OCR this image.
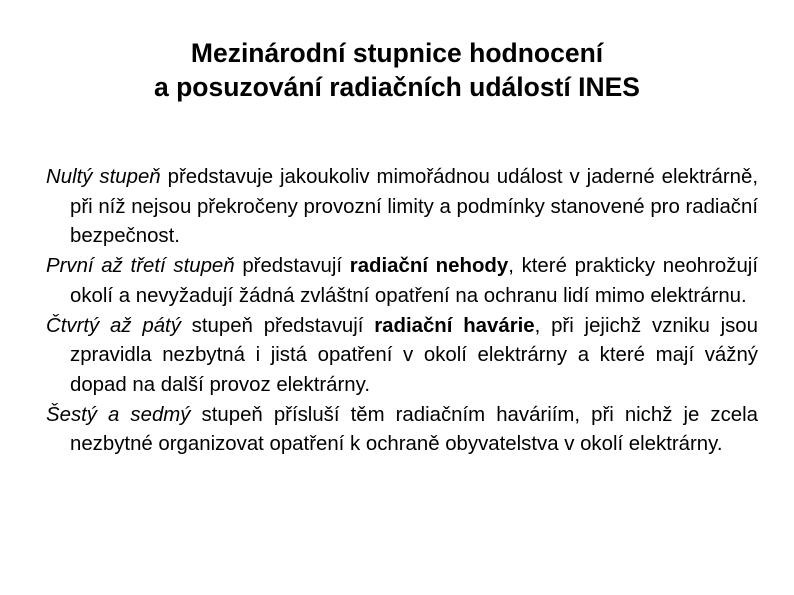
Mezinárodní stupnice hodnocení
a posuzování radiačních událostí INES

Nultý stupeň představuje jakoukoliv mimořádnou událost v jaderné elektrárně, při níž nejsou překročeny provozní limity a podmínky stanovené pro radiační bezpečnost.

První až třetí stupeň představují radiační nehody, které prakticky neohrožují okolí a nevyžadují žádná zvláštní opatření na ochranu lidí mimo elektrárnu.

Čtvrtý až pátý stupeň představují radiační havárie, při jejichž vzniku jsou zpravidla nezbytná i jistá opatření v okolí elektrárny a které mají vážný dopad na další provoz elektrárny.

Šestý a sedmý stupeň přísluší těm radiačním haváriím, při nichž je zcela nezbytné organizovat opatření k ochraně obyvatelstva v okolí elektrárny.
